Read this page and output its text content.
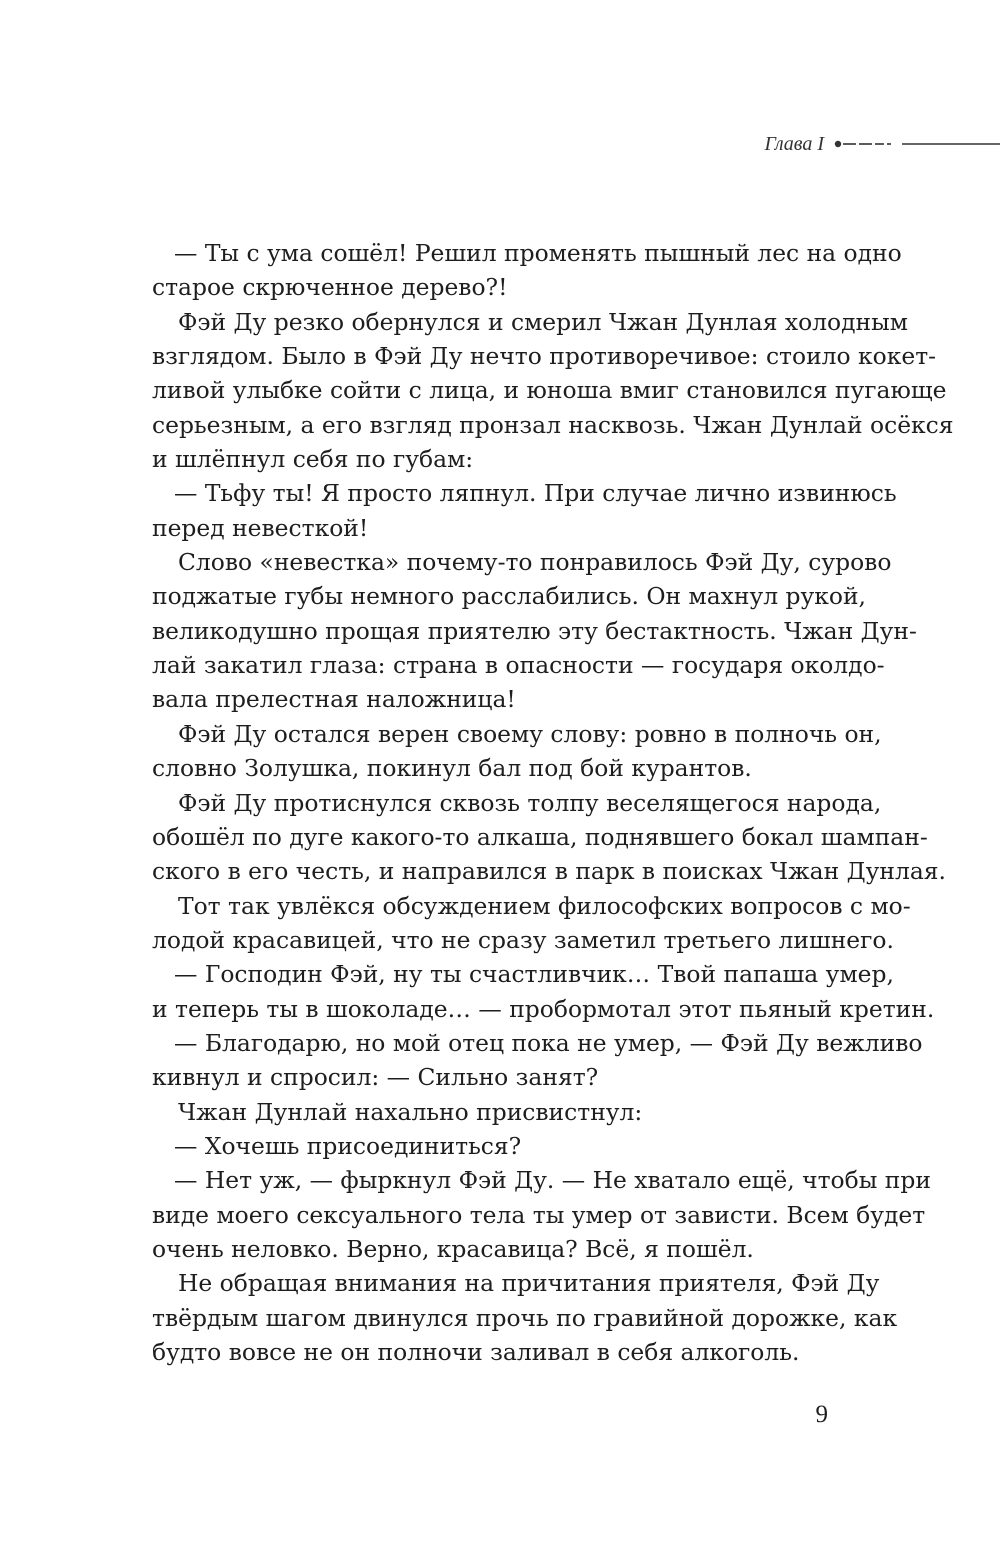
Глава I
— Ты с ума сошёл! Решил променять пышный лес на одно
старое скрюченное дерево?!
Фэй Ду резко обернулся и смерил Чжан Дунлая холодным
взглядом. Было в Фэй Ду нечто противоречивое: стоило кокет-
ливой улыбке сойти с лица, и юноша вмиг становился пугающе
серьезным, а его взгляд пронзал насквозь. Чжан Дунлай осёкся
и шлёпнул себя по губам:
— Тьфу ты! Я просто ляпнул. При случае лично извинюсь
перед невесткой!
Слово «невестка» почему-то понравилось Фэй Ду, сурово
поджатые губы немного расслабились. Он махнул рукой,
великодушно прощая приятелю эту бестактность. Чжан Дун-
лай закатил глаза: страна в опасности — государя околдо-
вала прелестная наложница!
Фэй Ду остался верен своему слову: ровно в полночь он,
словно Золушка, покинул бал под бой курантов.
Фэй Ду протиснулся сквозь толпу веселящегося народа,
обошёл по дуге какого-то алкаша, поднявшего бокал шампан-
ского в его честь, и направился в парк в поисках Чжан Дунлая.
Тот так увлёкся обсуждением философских вопросов с мо-
лодой красавицей, что не сразу заметил третьего лишнего.
— Господин Фэй, ну ты счастливчик… Твой папаша умер,
и теперь ты в шоколаде… — пробормотал этот пьяный кретин.
— Благодарю, но мой отец пока не умер, — Фэй Ду вежливо
кивнул и спросил: — Сильно занят?
Чжан Дунлай нахально присвистнул:
— Хочешь присоединиться?
— Нет уж, — фыркнул Фэй Ду. — Не хватало ещё, чтобы при
виде моего сексуального тела ты умер от зависти. Всем будет
очень неловко. Верно, красавица? Всё, я пошёл.
Не обращая внимания на причитания приятеля, Фэй Ду
твёрдым шагом двинулся прочь по гравийной дорожке, как
будто вовсе не он полночи заливал в себя алкоголь.
9
